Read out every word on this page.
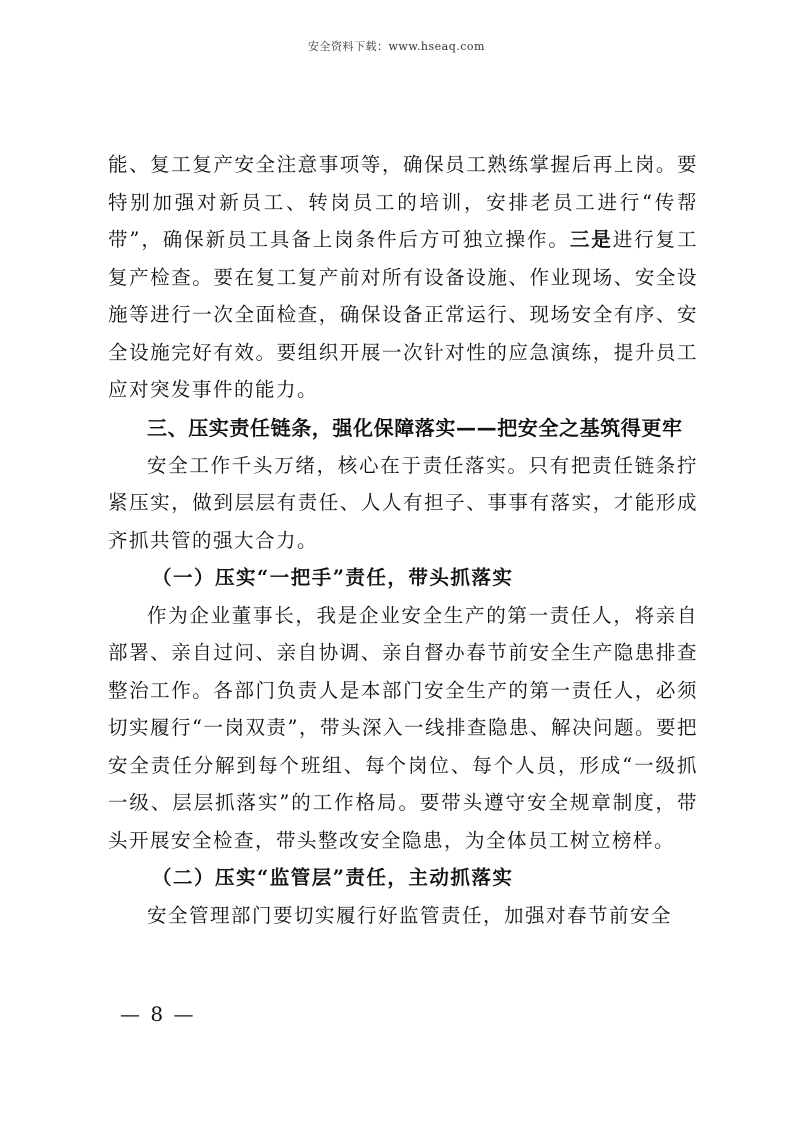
安全资料下载：www.hseaq.com

能、复工复产安全注意事项等，确保员工熟练掌握后再上岗。要特别加强对新员工、转岗员工的培训，安排老员工进行“传帮带”，确保新员工具备上岗条件后方可独立操作。三是进行复工复产检查。要在复工复产前对所有设备设施、作业现场、安全设施等进行一次全面检查，确保设备正常运行、现场安全有序、安全设施完好有效。要组织开展一次针对性的应急演练，提升员工应对突发事件的能力。

三、压实责任链条，强化保障落实——把安全之基筑得更牢

安全工作千头万绪，核心在于责任落实。只有把责任链条拧紧压实，做到层层有责任、人人有担子、事事有落实，才能形成齐抓共管的强大合力。

（一）压实“一把手”责任，带头抓落实

作为企业董事长，我是企业安全生产的第一责任人，将亲自部署、亲自过问、亲自协调、亲自督办春节前安全生产隐患排查整治工作。各部门负责人是本部门安全生产的第一责任人，必须切实履行“一岗双责”，带头深入一线排查隐患、解决问题。要把安全责任分解到每个班组、每个岗位、每个人员，形成“一级抓一级、层层抓落实”的工作格局。要带头遵守安全规章制度，带头开展安全检查，带头整改安全隐患，为全体员工树立榜样。

（二）压实“监管层”责任，主动抓落实

安全管理部门要切实履行好监管责任，加强对春节前安全

— 8 —
